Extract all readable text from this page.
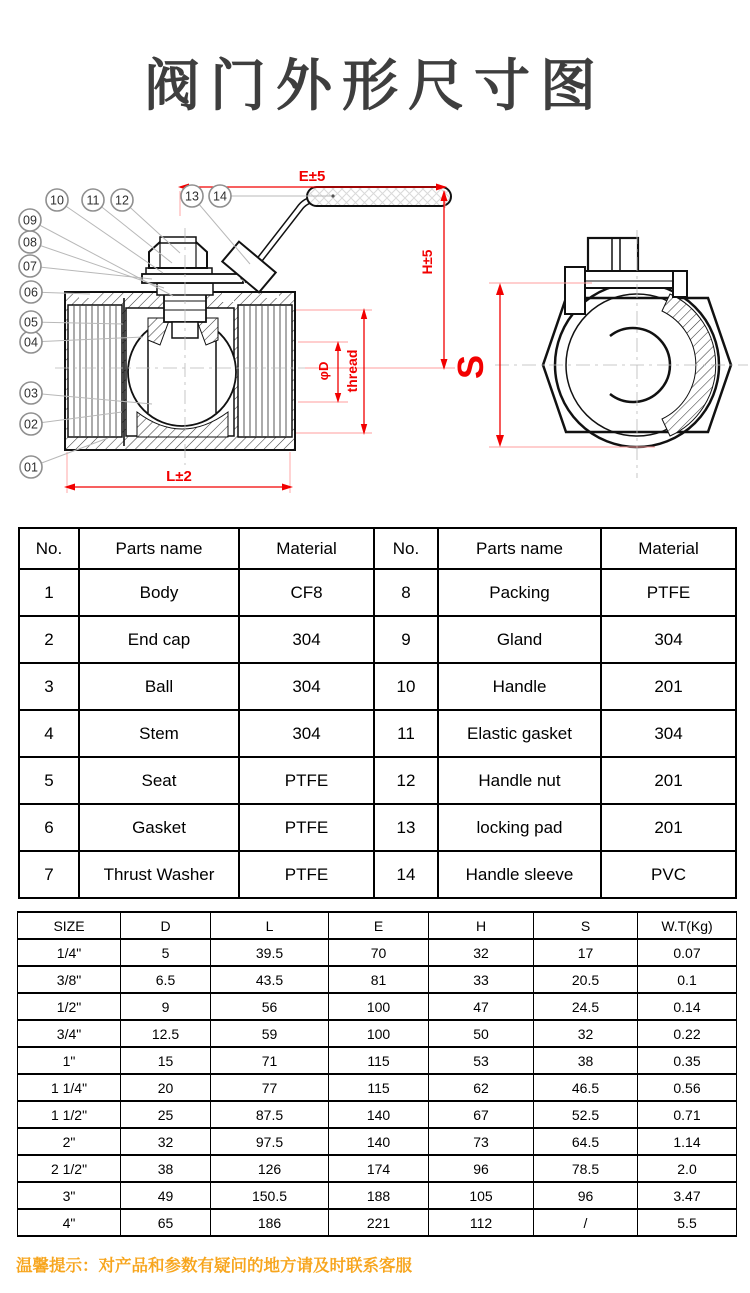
阀门外形尺寸图
E±5
H±5
φD thread
L±2
S
01
02
03
04
05
06
07
08
09
10 11 12	13 14
No.	Parts name	Material	No.	Parts name	Material
1	Body	CF8	8	Packing	PTFE
2	End cap	304	9	Gland	304
3	Ball	304	10	Handle	201
4	Stem	304	11	Elastic gasket	304
5	Seat	PTFE	12	Handle nut	201
6	Gasket	PTFE	13	locking pad	201
7	Thrust Washer	PTFE	14	Handle sleeve	PVC
SIZE	D	L	E	H	S	W.T(Kg)
1/4"	5	39.5	70	32	17	0.07
3/8"	6.5	43.5	81	33	20.5	0.1
1/2"	9	56	100	47	24.5	0.14
3/4"	12.5	59	100	50	32	0.22
1"	15	71	115	53	38	0.35
1 1/4"	20	77	115	62	46.5	0.56
1 1/2"	25	87.5	140	67	52.5	0.71
2"	32	97.5	140	73	64.5	1.14
2 1/2"	38	126	174	96	78.5	2.0
3"	49	150.5	188	105	96	3.47
4"	65	186	221	112	/	5.5
温馨提示：对产品和参数有疑问的地方请及时联系客服
